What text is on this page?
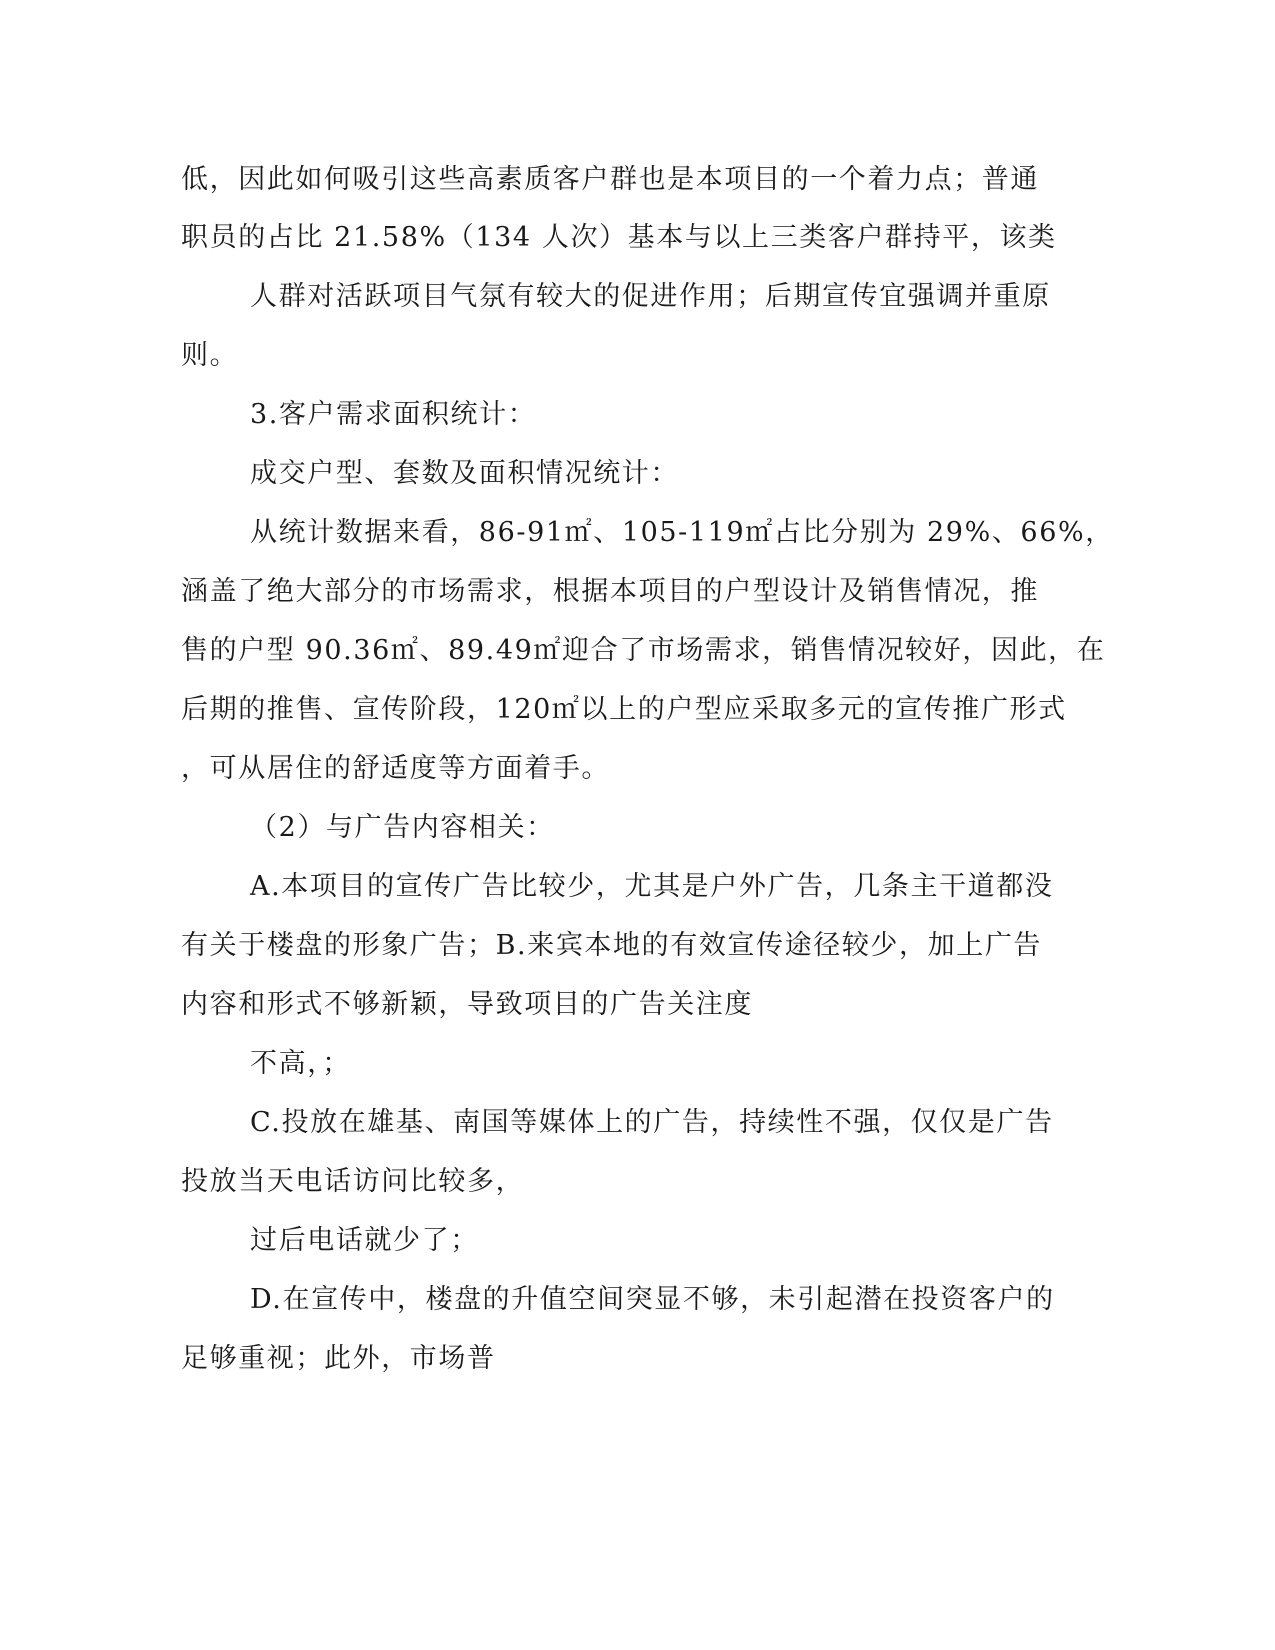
低，因此如何吸引这些高素质客户群也是本项目的一个着力点；普通
职员的占比 21.58%（134 人次）基本与以上三类客户群持平，该类
人群对活跃项目气氛有较大的促进作用；后期宣传宜强调并重原
则。
3.客户需求面积统计：
成交户型、套数及面积情况统计：
从统计数据来看，86-91㎡、105-119㎡占比分别为 29%、66%，
涵盖了绝大部分的市场需求，根据本项目的户型设计及销售情况，推
售的户型 90.36㎡、89.49㎡迎合了市场需求，销售情况较好，因此，在
后期的推售、宣传阶段，120㎡以上的户型应采取多元的宣传推广形式
，可从居住的舒适度等方面着手。
（2）与广告内容相关：
A.本项目的宣传广告比较少，尤其是户外广告，几条主干道都没
有关于楼盘的形象广告；B.来宾本地的有效宣传途径较少，加上广告
内容和形式不够新颖，导致项目的广告关注度
不高，；
C.投放在雄基、南国等媒体上的广告，持续性不强，仅仅是广告
投放当天电话访问比较多，
过后电话就少了；
D.在宣传中，楼盘的升值空间突显不够，未引起潜在投资客户的
足够重视；此外，市场普
